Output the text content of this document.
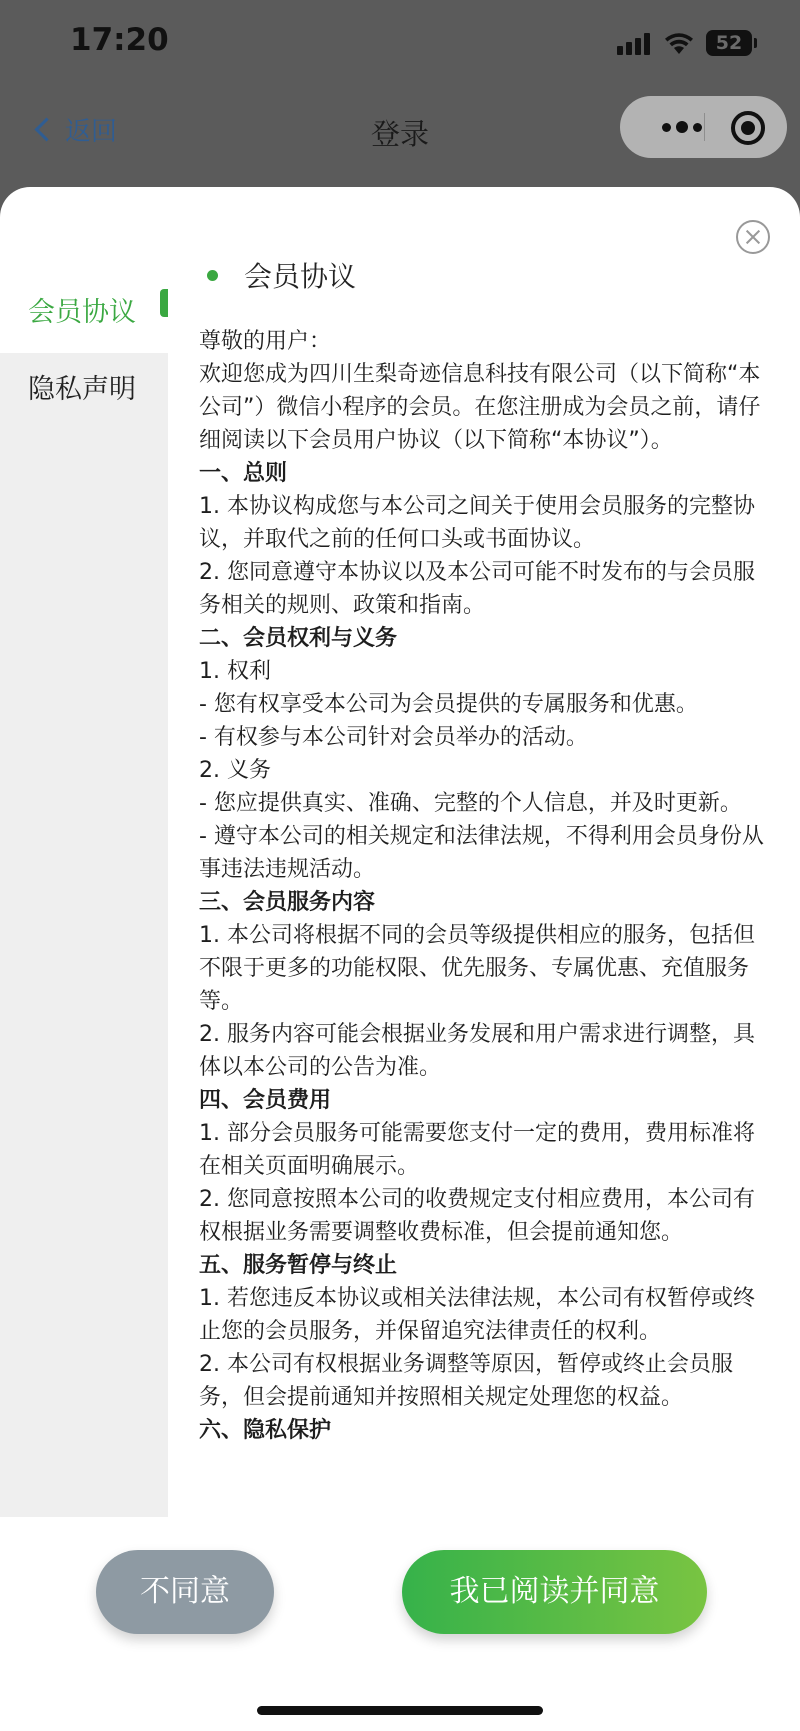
17:20	52
返回	登录
会员协议
隐私声明
会员协议

尊敬的用户：

欢迎您成为四川生梨奇迹信息科技有限公司（以下简称“本公司”）微信小程序的会员。在您注册成为会员之前，请仔细阅读以下会员用户协议（以下简称“本协议”）。

一、总则

1. 本协议构成您与本公司之间关于使用会员服务的完整协议，并取代之前的任何口头或书面协议。

2. 您同意遵守本协议以及本公司可能不时发布的与会员服务相关的规则、政策和指南。

二、会员权利与义务

1. 权利

- 您有权享受本公司为会员提供的专属服务和优惠。

- 有权参与本公司针对会员举办的活动。

2. 义务

- 您应提供真实、准确、完整的个人信息，并及时更新。

- 遵守本公司的相关规定和法律法规，不得利用会员身份从事违法违规活动。

三、会员服务内容

1. 本公司将根据不同的会员等级提供相应的服务，包括但不限于更多的功能权限、优先服务、专属优惠、充值服务等。

2. 服务内容可能会根据业务发展和用户需求进行调整，具体以本公司的公告为准。

四、会员费用

1. 部分会员服务可能需要您支付一定的费用，费用标准将在相关页面明确展示。

2. 您同意按照本公司的收费规定支付相应费用，本公司有权根据业务需要调整收费标准，但会提前通知您。

五、服务暂停与终止

1. 若您违反本协议或相关法律法规，本公司有权暂停或终止您的会员服务，并保留追究法律责任的权利。

2. 本公司有权根据业务调整等原因，暂停或终止会员服务，但会提前通知并按照相关规定处理您的权益。

六、隐私保护

不同意	我已阅读并同意
